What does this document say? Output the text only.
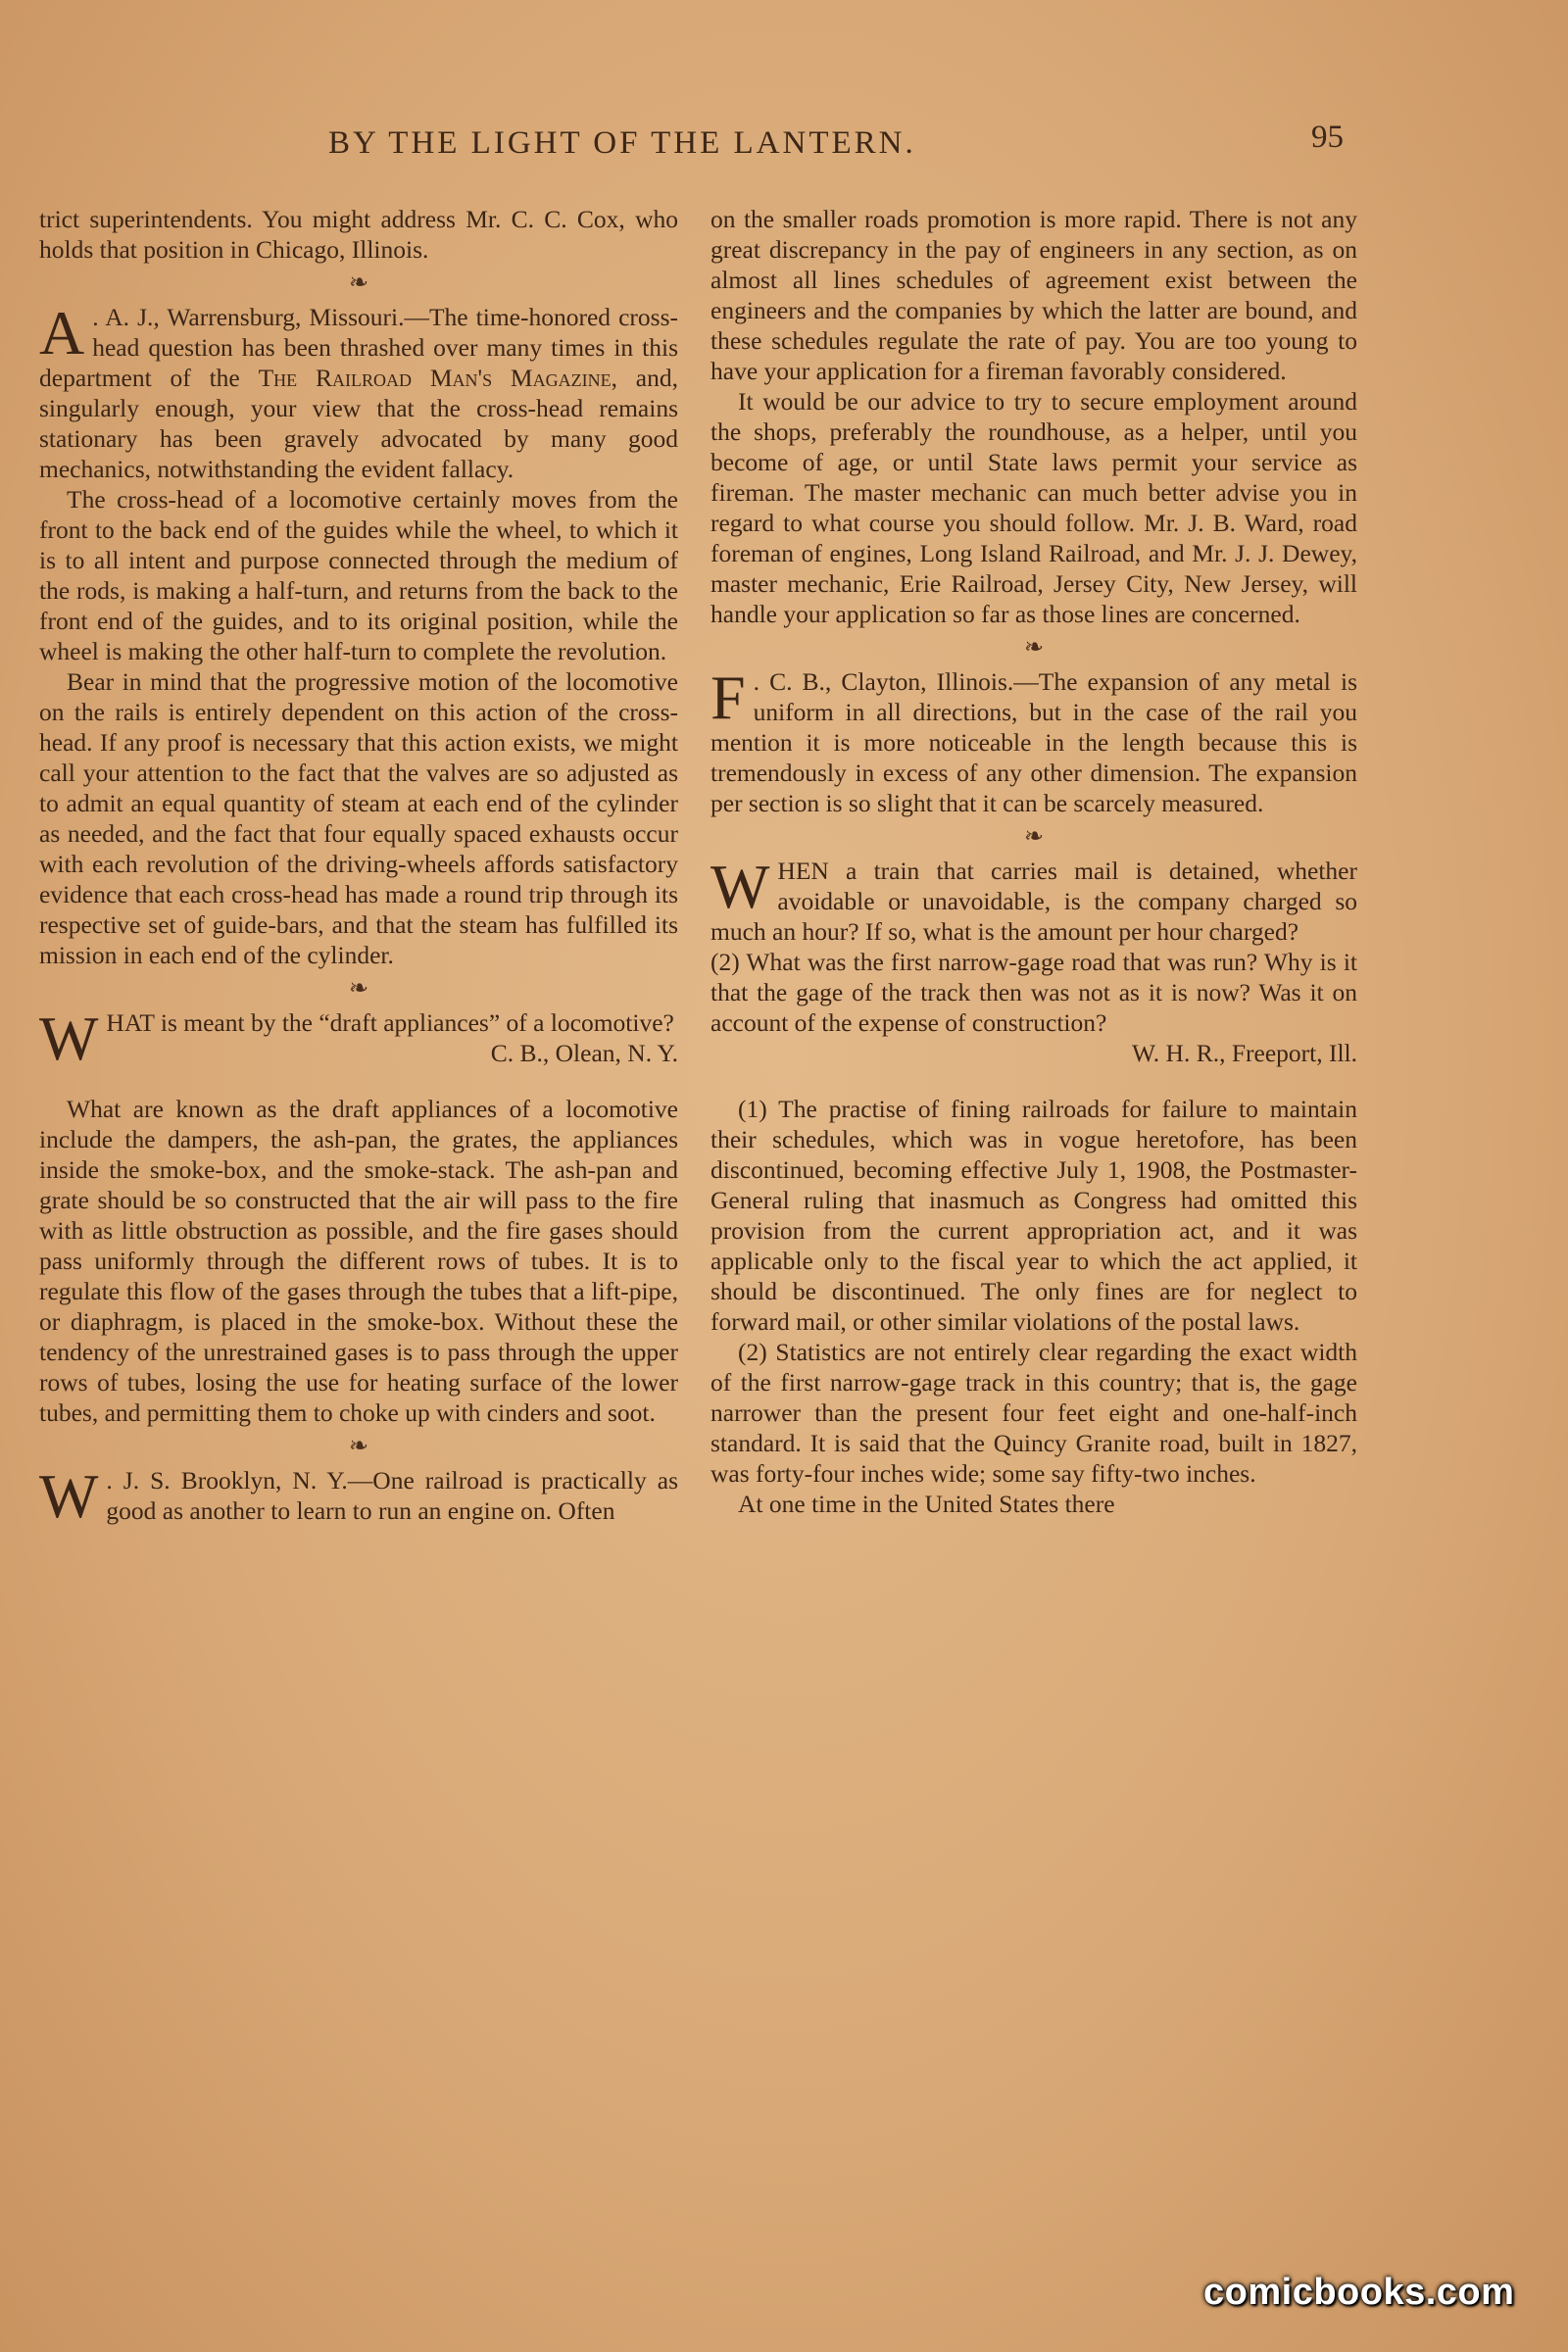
BY THE LIGHT OF THE LANTERN.	95

trict superintendents. You might address Mr. C. C. Cox, who holds that position in Chicago, Illinois.

❧

A . A. J., Warrensburg, Missouri.—The time-honored cross-head question has been thrashed over many times in this department of the The Railroad Man's Magazine, and, singularly enough, your view that the cross-head remains stationary has been gravely advocated by many good mechanics, notwithstanding the evident fallacy.

The cross-head of a locomotive certainly moves from the front to the back end of the guides while the wheel, to which it is to all intent and purpose connected through the medium of the rods, is making a half-turn, and returns from the back to the front end of the guides, and to its original position, while the wheel is making the other half-turn to complete the revolution.

Bear in mind that the progressive motion of the locomotive on the rails is entirely dependent on this action of the cross-head. If any proof is necessary that this action exists, we might call your attention to the fact that the valves are so adjusted as to admit an equal quantity of steam at each end of the cylinder as needed, and the fact that four equally spaced exhausts occur with each revolution of the driving-wheels affords satisfactory evidence that each cross-head has made a round trip through its respective set of guide-bars, and that the steam has fulfilled its mission in each end of the cylinder.

❧

WHAT is meant by the “draft appliances” of a locomotive?

C. B., Olean, N. Y.

What are known as the draft appliances of a locomotive include the dampers, the ash-pan, the grates, the appliances inside the smoke-box, and the smoke-stack. The ash-pan and grate should be so constructed that the air will pass to the fire with as little obstruction as possible, and the fire gases should pass uniformly through the different rows of tubes. It is to regulate this flow of the gases through the tubes that a lift-pipe, or diaphragm, is placed in the smoke-box. Without these the tendency of the unrestrained gases is to pass through the upper rows of tubes, losing the use for heating surface of the lower tubes, and permitting them to choke up with cinders and soot.

❧

W . J. S. Brooklyn, N. Y.—One railroad is practically as good as another to learn to run an engine on. Often

on the smaller roads promotion is more rapid. There is not any great discrepancy in the pay of engineers in any section, as on almost all lines schedules of agreement exist between the engineers and the companies by which the latter are bound, and these schedules regulate the rate of pay. You are too young to have your application for a fireman favorably considered.

It would be our advice to try to secure employment around the shops, preferably the roundhouse, as a helper, until you become of age, or until State laws permit your service as fireman. The master mechanic can much better advise you in regard to what course you should follow. Mr. J. B. Ward, road foreman of engines, Long Island Railroad, and Mr. J. J. Dewey, master mechanic, Erie Railroad, Jersey City, New Jersey, will handle your application so far as those lines are concerned.

❧

F . C. B., Clayton, Illinois.—The expansion of any metal is uniform in all directions, but in the case of the rail you mention it is more noticeable in the length because this is tremendously in excess of any other dimension. The expansion per section is so slight that it can be scarcely measured.

❧

WHEN a train that carries mail is detained, whether avoidable or unavoidable, is the company charged so much an hour? If so, what is the amount per hour charged?

(2) What was the first narrow-gage road that was run? Why is it that the gage of the track then was not as it is now? Was it on account of the expense of construction?

W. H. R., Freeport, Ill.

(1) The practise of fining railroads for failure to maintain their schedules, which was in vogue heretofore, has been discontinued, becoming effective July 1, 1908, the Postmaster-General ruling that inasmuch as Congress had omitted this provision from the current appropriation act, and it was applicable only to the fiscal year to which the act applied, it should be discontinued. The only fines are for neglect to forward mail, or other similar violations of the postal laws.

(2) Statistics are not entirely clear regarding the exact width of the first narrow-gage track in this country; that is, the gage narrower than the present four feet eight and one-half-inch standard. It is said that the Quincy Granite road, built in 1827, was forty-four inches wide; some say fifty-two inches.

At one time in the United States there

comicbooks.com
